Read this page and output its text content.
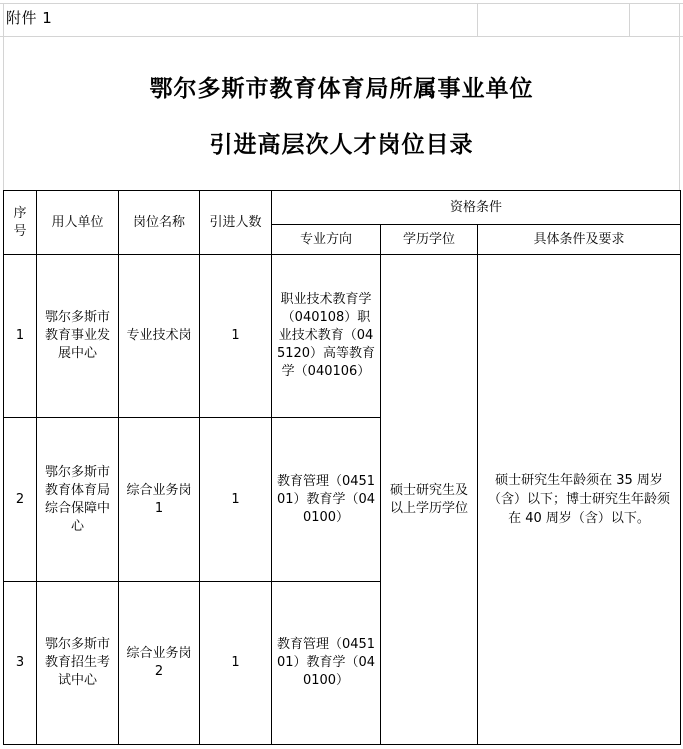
附件 1
鄂尔多斯市教育体育局所属事业单位
引进高层次人才岗位目录
序号	用人单位	岗位名称	引进人数	资格条件		
				专业方向	学历学位	具体条件及要求
1	鄂尔多斯市教育事业发展中心	专业技术岗	1	职业技术教育学（040108）职业技术教育（045120）高等教育学（040106）	硕士研究生及以上学历学位	硕士研究生年龄须在 35 周岁（含）以下；博士研究生年龄须在 40 周岁（含）以下。
2	鄂尔多斯市教育体育局综合保障中心	综合业务岗 1	1	教育管理（045101）教育学（040100）		
3	鄂尔多斯市教育招生考试中心	综合业务岗 2	1	教育管理（045101）教育学（040100）		
